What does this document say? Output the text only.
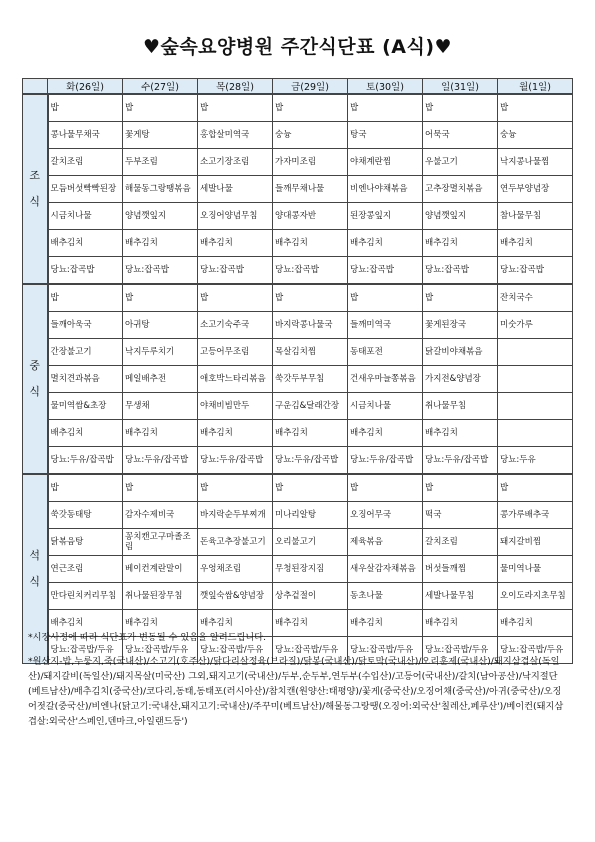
♥숲속요양병원 주간식단표 (A식)♥
	화(26일)	수(27일)	목(28일)	금(29일)	토(30일)	일(31일)	월(1일)
조
식	밥	밥	밥	밥	밥	밥	밥
	콩나물무채국	꽃게탕	홍합살미역국	숭늉	탕국	어묵국	숭늉
	갈치조림	두부조림	소고기장조림	가자미조림	야채계란찜	우불고기	낙지콩나물찜
	모듬버섯빡빡된장	해물동그랑땡볶음	세발나물	들깨무채나물	비엔나야채볶음	고추장멸치볶음	연두부양념장
	시금치나물	양념깻잎지	오징어양념무침	양대콩자반	된장콩잎지	양념깻잎지	참나물무침
	배추김치	배추김치	배추김치	배추김치	배추김치	배추김치	배추김치
	당뇨:잡곡밥	당뇨:잡곡밥	당뇨:잡곡밥	당뇨:잡곡밥	당뇨:잡곡밥	당뇨:잡곡밥	당뇨:잡곡밥
중
식	밥	밥	밥	밥	밥	밥	잔치국수
	들깨아욱국	아귀탕	소고기숙주국	바지락콩나물국	들깨미역국	꽃게된장국	미숫가루
	간장불고기	낙지두루치기	고등어무조림	목살김치찜	동태포전	닭갈비야채볶음	
	멸치견과볶음	메일배추전	애호박느타리볶음	쑥갓두부무침	건새우마늘쫑볶음	가지전&양념장	
	물미역쌈&초장	무생채	야채비빔만두	구운김&달래간장	시금치나물	취나물무침	
	배추김치	배추김치	배추김치	배추김치	배추김치	배추김치	
	당뇨:두유/잡곡밥	당뇨:두유/잡곡밥	당뇨:두유/잡곡밥	당뇨:두유/잡곡밥	당뇨:두유/잡곡밥	당뇨:두유/잡곡밥	당뇨:두유
석
식	밥	밥	밥	밥	밥	밥	밥
	쑥갓동태탕	감자수제비국	바지락순두부찌개	미나리알탕	오징어무국	떡국	콩가루배추국
	닭볶음탕	꽁치캔고구마졸조림	돈육고추장불고기	오리불고기	제육볶음	갈치조림	돼지갈비찜
	연근조림	베이컨계란말이	우엉채조림	무청된장지짐	새우살감자채볶음	버섯들깨찜	물미역나물
	만다린치커리무침	취나물된장무침	깻잎숙쌈&양념장	상추겉절이	동초나물	세발나물무침	오이도라지초무침
	배추김치	배추김치	배추김치	배추김치	배추김치	배추김치	배추김치
	당뇨:잡곡밥/두유	당뇨:잡곡밥/두유	당뇨:잡곡밥/두유	당뇨:잡곡밥/두유	당뇨:잡곡밥/두유	당뇨:잡곡밥/두유	당뇨:잡곡밥/두유
*시장사정에 따라 식단표가 변동될 수 있음을 알려드립니다.
*원산지-밥,누룽지,죽(국내산)/소고기(호주산)/닭다리살정육(브라질)/닭봉(국내산)/닭토막(국내산)/오리훈제(국내산)/돼지삼겹살(독일산)/돼지갈비(독일산)/돼지목살(미국산) 그외,돼지고기(국내산)/두부,순두부,연두부(수입산)/고등어(국내산)/갈치(남아공산)/낙지절단(베트남산)/배추김치(중국산)/코다리,동태,동태포(러시아산)/참치캔(원양산:태평양)/꽃게(중국산)/오징어채(중국산)/아귀(중국산)/오징어젓갈(중국산)/비엔나(닭고기:국내산,돼지고기:국내산)/주꾸미(베트남산)/해물동그랑땡(오징어:외국산'칠레산,페루산')/베이컨(돼지삼겹살:외국산'스페인,덴마크,아일랜드등')
